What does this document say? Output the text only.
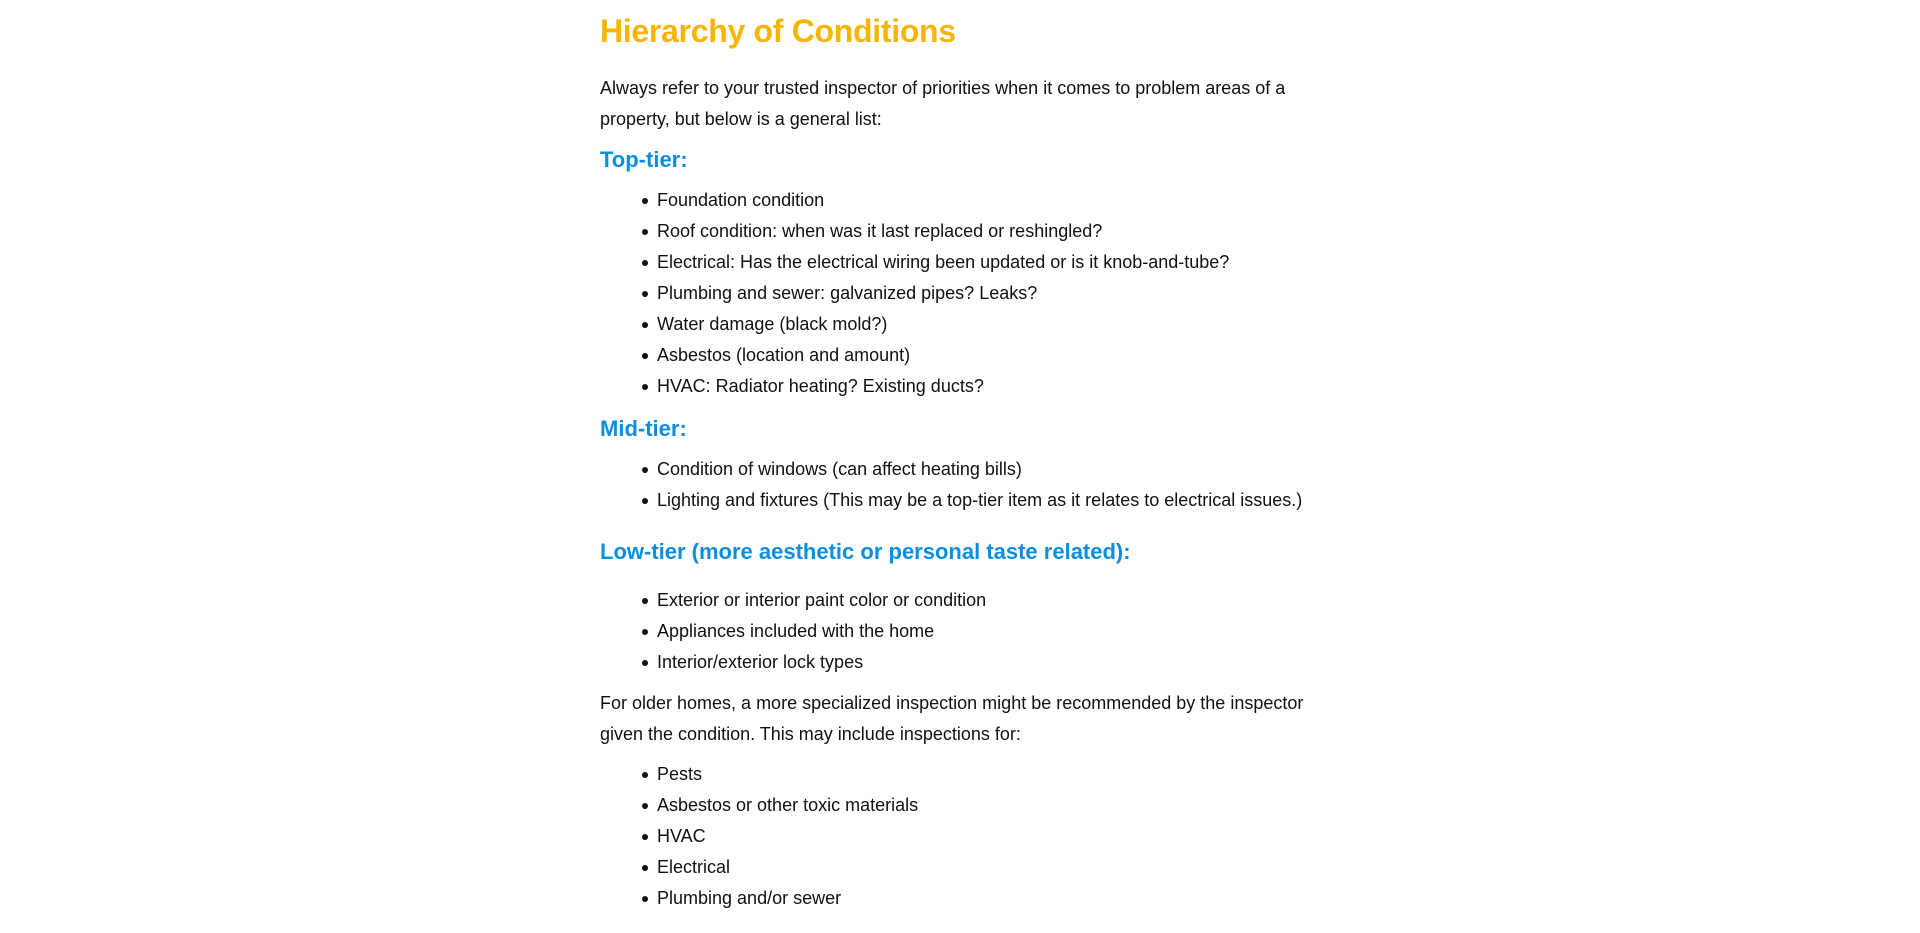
Hierarchy of Conditions

Always refer to your trusted inspector of priorities when it comes to problem areas of a property, but below is a general list:

Top-tier:
Foundation condition
Roof condition: when was it last replaced or reshingled?
Electrical: Has the electrical wiring been updated or is it knob-and-tube?
Plumbing and sewer: galvanized pipes? Leaks?
Water damage (black mold?)
Asbestos (location and amount)
HVAC: Radiator heating? Existing ducts?
Mid-tier:
Condition of windows (can affect heating bills)
Lighting and fixtures (This may be a top-tier item as it relates to electrical issues.)
Low-tier (more aesthetic or personal taste related):
Exterior or interior paint color or condition
Appliances included with the home
Interior/exterior lock types

For older homes, a more specialized inspection might be recommended by the inspector given the condition. This may include inspections for:

Pests
Asbestos or other toxic materials
HVAC
Electrical
Plumbing and/or sewer
